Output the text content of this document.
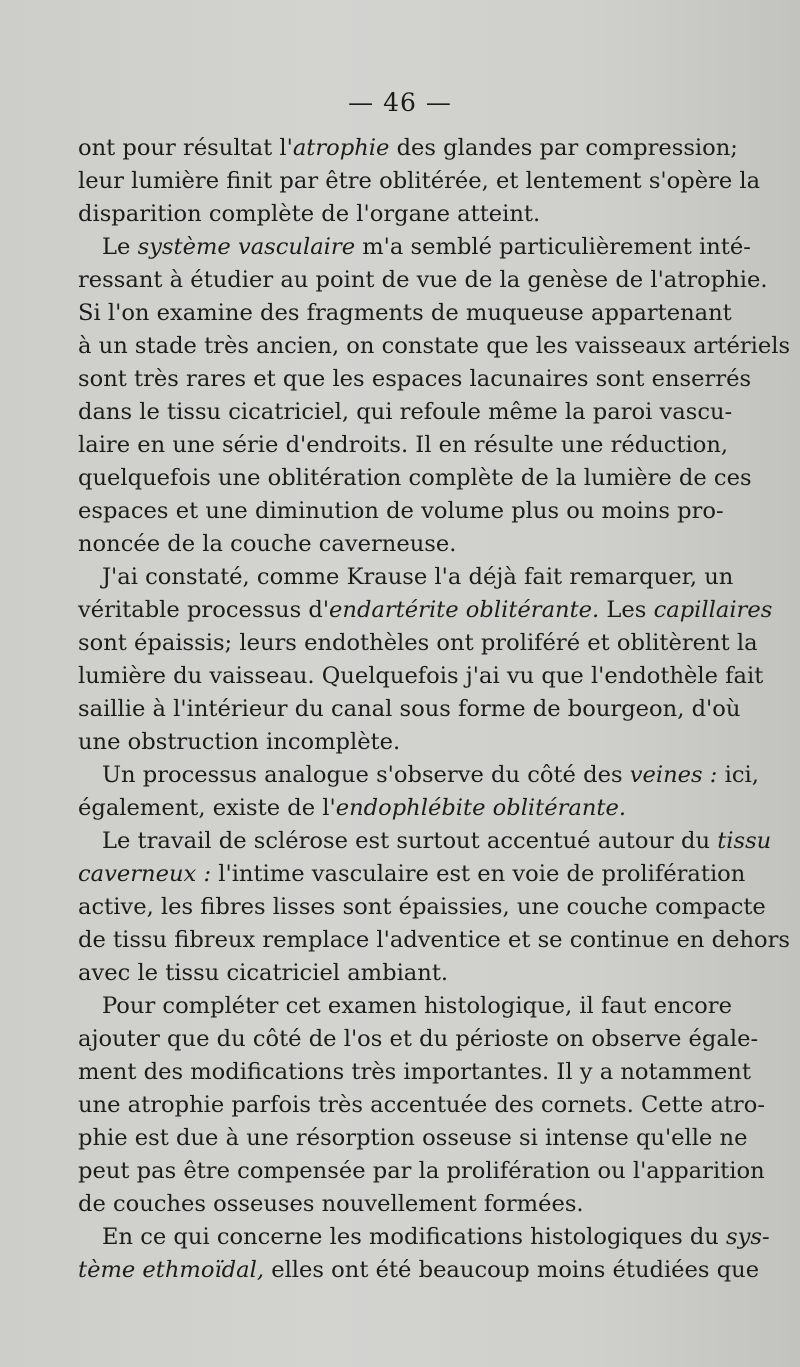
— 46 —
ont pour résultat l'atrophie des glandes par compression;
leur lumière finit par être oblitérée, et lentement s'opère la
disparition complète de l'organe atteint.
Le système vasculaire m'a semblé particulièrement inté-
ressant à étudier au point de vue de la genèse de l'atrophie.
Si l'on examine des fragments de muqueuse appartenant
à un stade très ancien, on constate que les vaisseaux artériels
sont très rares et que les espaces lacunaires sont enserrés
dans le tissu cicatriciel, qui refoule même la paroi vascu-
laire en une série d'endroits. Il en résulte une réduction,
quelquefois une oblitération complète de la lumière de ces
espaces et une diminution de volume plus ou moins pro-
noncée de la couche caverneuse.
J'ai constaté, comme Krause l'a déjà fait remarquer, un
véritable processus d'endartérite oblitérante. Les capillaires
sont épaissis; leurs endothèles ont proliféré et oblitèrent la
lumière du vaisseau. Quelquefois j'ai vu que l'endothèle fait
saillie à l'intérieur du canal sous forme de bourgeon, d'où
une obstruction incomplète.
Un processus analogue s'observe du côté des veines : ici,
également, existe de l'endophlébite oblitérante.
Le travail de sclérose est surtout accentué autour du tissu
caverneux : l'intime vasculaire est en voie de prolifération
active, les fibres lisses sont épaissies, une couche compacte
de tissu fibreux remplace l'adventice et se continue en dehors
avec le tissu cicatriciel ambiant.
Pour compléter cet examen histologique, il faut encore
ajouter que du côté de l'os et du périoste on observe égale-
ment des modifications très importantes. Il y a notamment
une atrophie parfois très accentuée des cornets. Cette atro-
phie est due à une résorption osseuse si intense qu'elle ne
peut pas être compensée par la prolifération ou l'apparition
de couches osseuses nouvellement formées.
En ce qui concerne les modifications histologiques du sys-
tème ethmoïdal, elles ont été beaucoup moins étudiées que
